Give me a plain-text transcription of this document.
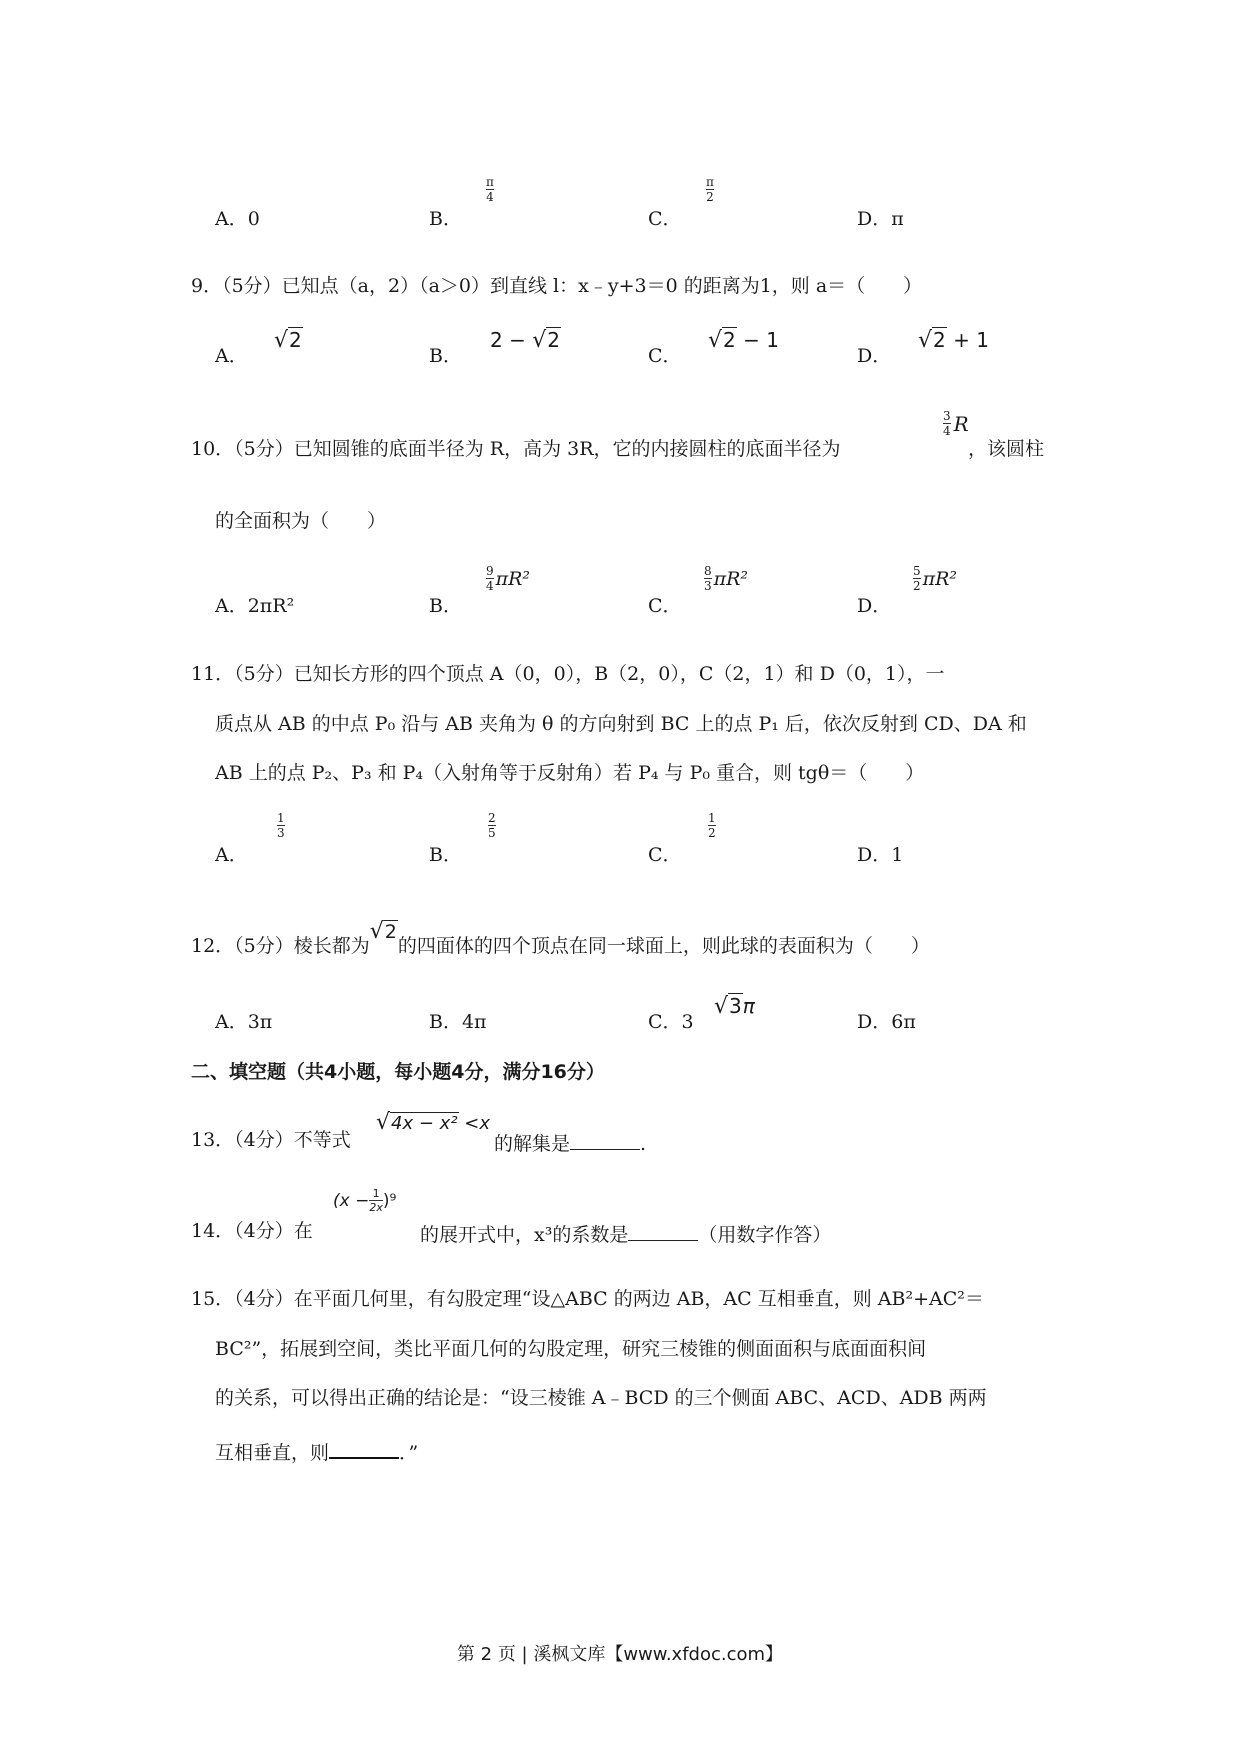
A．0	B．
π
4
C．
π
2
D．π
9．（5分）已知点（a，2）（a＞0）到直线 l：x﹣y+3＝0 的距离为1，则 a＝（　　）
A．
√2
B．
2 − √2
C．
√2 − 1
D．
√2 + 1
10．（5分）已知圆锥的底面半径为 R，高为 3R，它的内接圆柱的底面半径为
3
4 R
，该圆柱
的全面积为（　　）
A．2πR²	B．
9
4 πR²
C．
8
3 πR²
D．
5
2 πR²
11．（5分）已知长方形的四个顶点 A（0，0），B（2，0），C（2，1）和 D（0，1），一
质点从 AB 的中点 P₀ 沿与 AB 夹角为 θ 的方向射到 BC 上的点 P₁ 后，依次反射到 CD、DA 和
AB 上的点 P₂、P₃ 和 P₄（入射角等于反射角）若 P₄ 与 P₀ 重合，则 tgθ＝（　　）
A．
1
3
B．
2
5
C．
1
2
D．1
12．（5分）棱长都为√2的四面体的四个顶点在同一球面上，则此球的表面积为（　　）
A．3π	B．4π	C．3
√3π
D．6π
二、填空题（共4小题，每小题4分，满分16分）
13．（4分）不等式
√4x − x² <x
的解集是	.
14．（4分）在
(x − 1
2x )⁹
的展开式中，x³的系数是	（用数字作答）
15．（4分）在平面几何里，有勾股定理“设△ABC 的两边 AB，AC 互相垂直，则 AB²+AC²＝
BC²”，拓展到空间，类比平面几何的勾股定理，研究三棱锥的侧面面积与底面面积间
的关系，可以得出正确的结论是：“设三棱锥 A﹣BCD 的三个侧面 ABC、ACD、ADB 两两
互相垂直，则	．”
第 2 页 | 溪枫文库【www.xfdoc.com】
